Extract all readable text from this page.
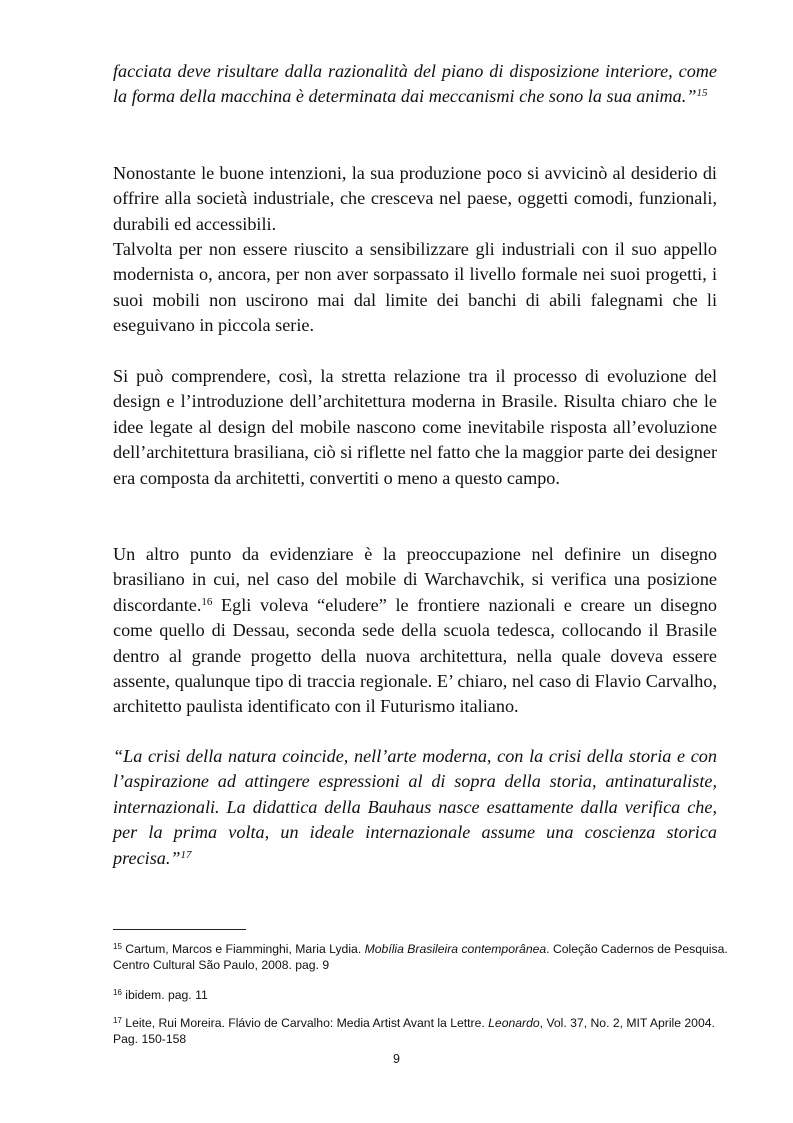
facciata deve risultare dalla razionalità del piano di disposizione interiore, come la forma della macchina è determinata dai meccanismi che sono la sua anima.”$^{15}$

Nonostante le buone intenzioni, la sua produzione poco si avvicinò al desiderio di offrire alla società industriale, che cresceva nel paese, oggetti comodi, funzionali, durabili ed accessibili.

Talvolta per non essere riuscito a sensibilizzare gli industriali con il suo appello modernista o, ancora, per non aver sorpassato il livello formale nei suoi progetti, i suoi mobili non uscirono mai dal limite dei banchi di abili falegnami che li eseguivano in piccola serie.

Si può comprendere, così, la stretta relazione tra il processo di evoluzione del design e l’introduzione dell’architettura moderna in Brasile. Risulta chiaro che le idee legate al design del mobile nascono come inevitabile risposta all’evoluzione dell’architettura brasiliana, ciò si riflette nel fatto che la maggior parte dei designer era composta da architetti, convertiti o meno a questo campo.

Un altro punto da evidenziare è la preoccupazione nel definire un disegno brasiliano in cui, nel caso del mobile di Warchavchik, si verifica una posizione discordante.$^{16}$ Egli voleva “eludere” le frontiere nazionali e creare un disegno come quello di Dessau, seconda sede della scuola tedesca, collocando il Brasile dentro al grande progetto della nuova architettura, nella quale doveva essere assente, qualunque tipo di traccia regionale. E’ chiaro, nel caso di Flavio Carvalho, architetto paulista identificato con il Futurismo italiano.

“La crisi della natura coincide, nell’arte moderna, con la crisi della storia e con l’aspirazione ad attingere espressioni al di sopra della storia, antinaturaliste, internazionali. La didattica della Bauhaus nasce esattamente dalla verifica che, per la prima volta, un ideale internazionale assume una coscienza storica precisa.”$^{17}$

$^{15}$ Cartum, Marcos e Fiamminghi, Maria Lydia. Mobília Brasileira contemporânea. Coleção Cadernos de Pesquisa. Centro Cultural São Paulo, 2008. pag. 9

$^{16}$ ibidem. pag. 11

$^{17}$ Leite, Rui Moreira. Flávio de Carvalho: Media Artist Avant la Lettre. Leonardo, Vol. 37, No. 2, MIT Aprile 2004. Pag. 150-158

9
